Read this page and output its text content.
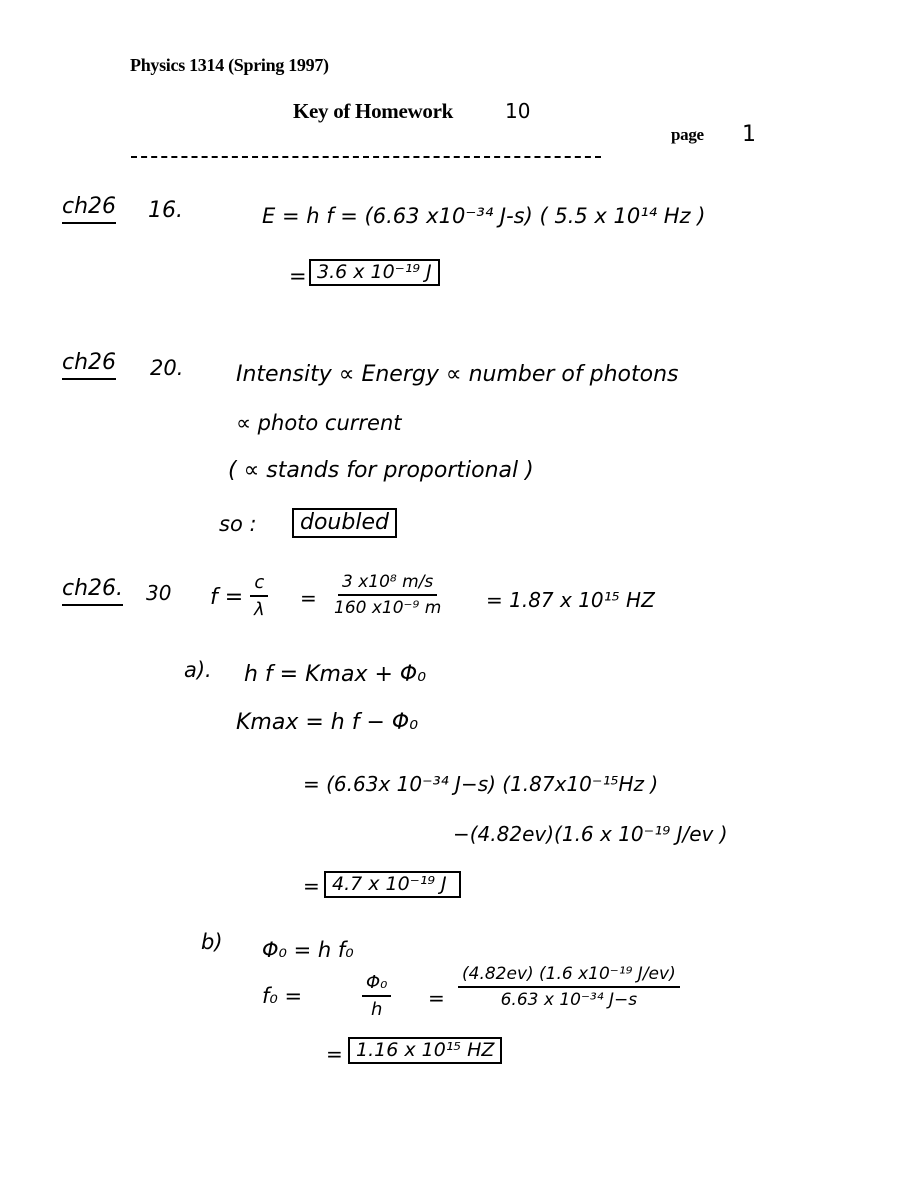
Physics 1314 (Spring 1997)
Key of Homework	10
page 1
ch26 16.	E = h f = (6.63 x10⁻³⁴ J-s) ( 5.5 x 10¹⁴ Hz )
= 3.6 x 10⁻¹⁹ J
ch26 20. Intensity ∝ Energy ∝ number of photons
∝ photo current
( ∝ stands for proportional )
so :	doubled
ch26. 30 $f = \frac{c}{\lambda} = \frac{\text{3 x10⁸ m/s}}{\text{160 x10⁻⁹ m}} = 1.87$ x 10¹⁵ HZ
a). h f = Kmax + Φ₀
Kmax = h f − Φ₀
= (6.63x 10⁻³⁴ J−s) (1.87x10⁻¹⁵Hz )
−(4.82ev)(1.6 x 10⁻¹⁹ J/ev )
= 4.7 x 10⁻¹⁹ J
b) Φ₀ = h f₀
f₀ =	$\frac{\text{Φ₀}}{h} = \frac{\text{(4.82ev) (1.6 x10⁻¹⁹ J/ev)}}{\text{6.63 x 10⁻³⁴ J−s}}$
= 1.16 x 10¹⁵ HZ
